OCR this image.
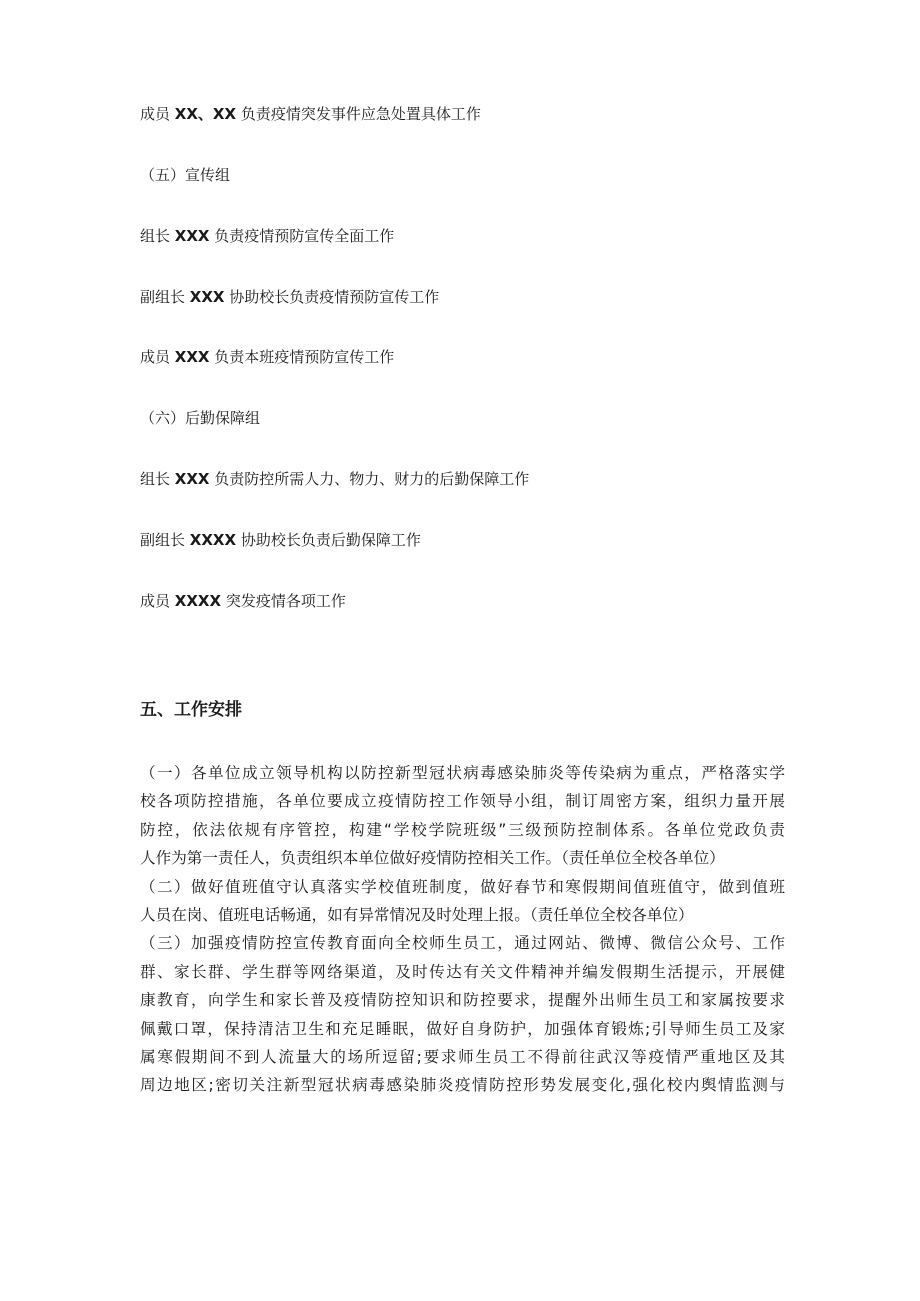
成员 XX、XX 负责疫情突发事件应急处置具体工作
（五）宣传组
组长 XXX 负责疫情预防宣传全面工作
副组长 XXX 协助校长负责疫情预防宣传工作
成员 XXX 负责本班疫情预防宣传工作
（六）后勤保障组
组长 XXX 负责防控所需人力、物力、财力的后勤保障工作
副组长 XXXX 协助校长负责后勤保障工作
成员 XXXX 突发疫情各项工作
五、工作安排
（一）各单位成立领导机构以防控新型冠状病毒感染肺炎等传染病为重点，严格落实学
校各项防控措施，各单位要成立疫情防控工作领导小组，制订周密方案，组织力量开展
防控，依法依规有序管控，构建“学校学院班级”三级预防控制体系。各单位党政负责
人作为第一责任人，负责组织本单位做好疫情防控相关工作。（责任单位全校各单位）
（二）做好值班值守认真落实学校值班制度，做好春节和寒假期间值班值守，做到值班
人员在岗、值班电话畅通，如有异常情况及时处理上报。（责任单位全校各单位）
（三）加强疫情防控宣传教育面向全校师生员工，通过网站、微博、微信公众号、工作
群、家长群、学生群等网络渠道，及时传达有关文件精神并编发假期生活提示，开展健
康教育，向学生和家长普及疫情防控知识和防控要求，提醒外出师生员工和家属按要求
佩戴口罩，保持清洁卫生和充足睡眠，做好自身防护，加强体育锻炼;引导师生员工及家
属寒假期间不到人流量大的场所逗留;要求师生员工不得前往武汉等疫情严重地区及其
周边地区;密切关注新型冠状病毒感染肺炎疫情防控形势发展变化,强化校内舆情监测与
